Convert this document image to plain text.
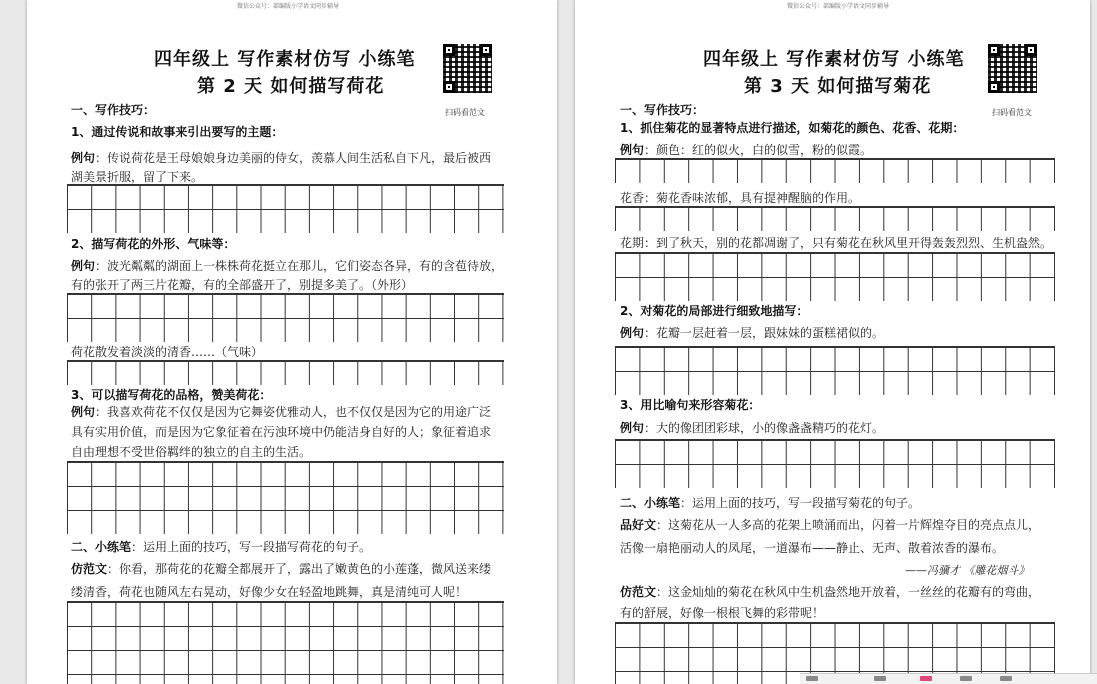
微信公众号：部编版小学语文同步辅导
四年级上 写作素材仿写 小练笔
第 2 天 如何描写荷花
扫码看范文
一、写作技巧：
1、通过传说和故事来引出要写的主题：
例句：传说荷花是王母娘娘身边美丽的侍女，羡慕人间生活私自下凡，最后被西
湖美景折服，留了下来。
2、描写荷花的外形、气味等：
例句：波光粼粼的湖面上一株株荷花挺立在那儿，它们姿态各异，有的含苞待放，
有的张开了两三片花瓣，有的全部盛开了，别提多美了。（外形）
荷花散发着淡淡的清香……（气味）
3、可以描写荷花的品格，赞美荷花：
例句：我喜欢荷花不仅仅是因为它舞姿优雅动人，也不仅仅是因为它的用途广泛
具有实用价值，而是因为它象征着在污浊环境中仍能洁身自好的人；象征着追求
自由理想不受世俗羁绊的独立的自主的生活。
二、小练笔：运用上面的技巧，写一段描写荷花的句子。
仿范文：你看，那荷花的花瓣全都展开了，露出了嫩黄色的小莲蓬，微风送来缕
缕清香，荷花也随风左右晃动，好像少女在轻盈地跳舞，真是清纯可人呢！
微信公众号：部编版小学语文同步辅导
四年级上 写作素材仿写 小练笔
第 3 天 如何描写菊花
扫码看范文
一、写作技巧：
1、抓住菊花的显著特点进行描述，如菊花的颜色、花香、花期：
例句：颜色：红的似火，白的似雪，粉的似霞。
花香：菊花香味浓郁，具有提神醒脑的作用。
花期：到了秋天，别的花都凋谢了，只有菊花在秋风里开得轰轰烈烈、生机盎然。
2、对菊花的局部进行细致地描写：
例句：花瓣一层赶着一层，跟妹妹的蛋糕裙似的。
3、用比喻句来形容菊花：
例句：大的像团团彩球，小的像盏盏精巧的花灯。
二、小练笔：运用上面的技巧，写一段描写菊花的句子。
品好文：这菊花从一人多高的花架上喷涌而出，闪着一片辉煌夺目的亮点点儿，
活像一扇艳丽动人的凤尾，一道瀑布——静止、无声、散着浓香的瀑布。
——冯骥才 《雕花烟斗》
仿范文：这金灿灿的菊花在秋风中生机盎然地开放着，一丝丝的花瓣有的弯曲，
有的舒展，好像一根根飞舞的彩带呢！
